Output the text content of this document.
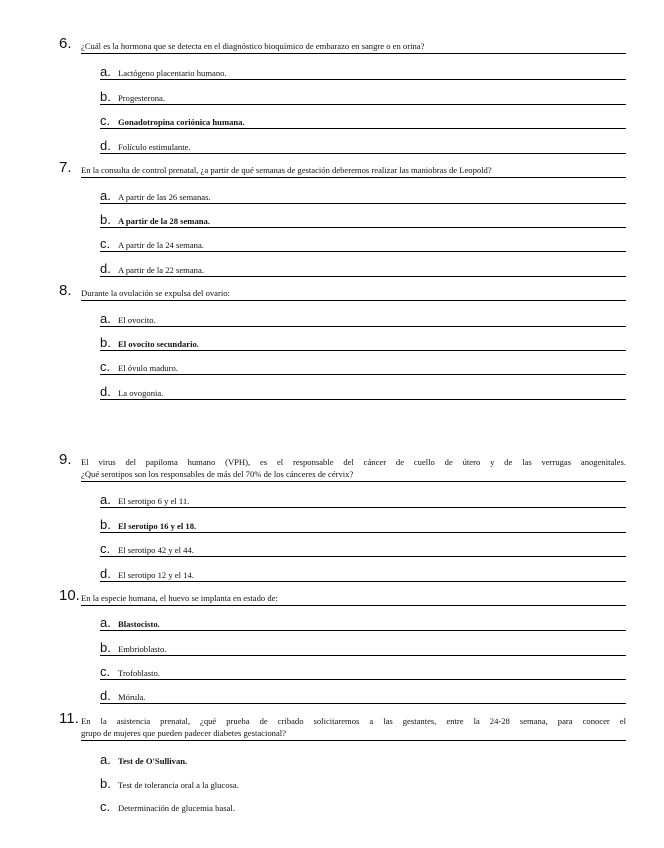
6. ¿Cuál es la hormona que se detecta en el diagnóstico bioquímico de embarazo en sangre o en orina?
a. Lactógeno placentario humano.
b. Progesterona.
c. Gonadotropina coriónica humana.
d. Folículo estimulante.
7. En la consulta de control prenatal, ¿a partir de qué semanas de gestación deberemos realizar las maniobras de Leopold?
a. A partir de las 26 semanas.
b. A partir de la 28 semana.
c. A partir de la 24 semana.
d. A partir de la 22 semana.
8. Durante la ovulación se expulsa del ovario:
a. El ovocito.
b. El ovocito secundario.
c. El óvulo maduro.
d. La ovogonia.
9. El virus del papiloma humano (VPH), es el responsable del cáncer de cuello de útero y de las verrugas anogenitales.
¿Qué serotipos son los responsables de más del 70% de los cánceres de cérvix?
a. El serotipo 6 y el 11.
b. El serotipo 16 y el 18.
c. El serotipo 42 y el 44.
d. El serotipo 12 y el 14.
10. En la especie humana, el huevo se implanta en estado de:
a. Blastocisto.
b. Embrioblasto.
c. Trofoblasto.
d. Mórula.
11. En la asistencia prenatal, ¿qué prueba de cribado solicitaremos a las gestantes, entre la 24-28 semana, para conocer el
grupo de mujeres que pueden padecer diabetes gestacional?
a. Test de O'Sullivan.
b. Test de tolerancia oral a la glucosa.
c. Determinación de glucemia basal.
